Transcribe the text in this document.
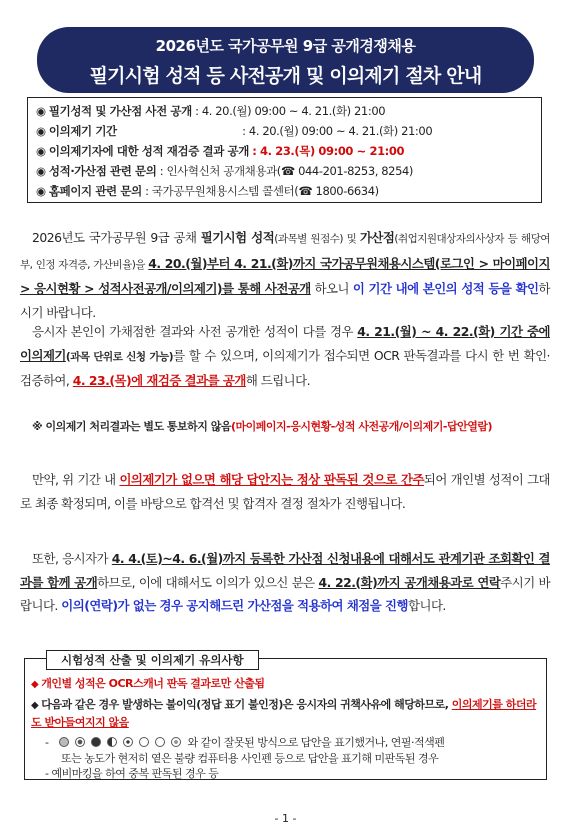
2026년도 국가공무원 9급 공개경쟁채용
필기시험 성적 등 사전공개 및 이의제기 절차 안내
◉ 필기성적 및 가산점 사전 공개 : 4. 20.(월) 09:00 ~ 4. 21.(화) 21:00
◉ 이의제기 기간	: 4. 20.(월) 09:00 ~ 4. 21.(화) 21:00
◉ 이의제기자에 대한 성적 재검증 결과 공개 : 4. 23.(목) 09:00 ~ 21:00
◉ 성적·가산점 관련 문의 : 인사혁신처 공개채용과(☎ 044-201-8253, 8254)
◉ 홈페이지 관련 문의 : 국가공무원채용시스템 콜센터(☎ 1800-6634)
2026년도 국가공무원 9급 공채 필기시험 성적(과목별 원점수) 및 가산점(취업지원대상자의사상자 등 해당여부, 인정 자격증, 가산비율)을 4. 20.(월)부터 4. 21.(화)까지 국가공무원채용시스템(로그인 > 마이페이지 > 응시현황 > 성적사전공개/이의제기)를 통해 사전공개 하오니 이 기간 내에 본인의 성적 등을 확인하시기 바랍니다.
응시자 본인이 가채점한 결과와 사전 공개한 성적이 다를 경우 4. 21.(월) ~ 4. 22.(화) 기간 중에 이의제기(과목 단위로 신청 가능)를 할 수 있으며, 이의제기가 접수되면 OCR 판독결과를 다시 한 번 확인·검증하여, 4. 23.(목)에 재검증 결과를 공개해 드립니다.
※ 이의제기 처리결과는 별도 통보하지 않음(마이페이지-응시현황-성적 사전공개/이의제기-답안열람)
만약, 위 기간 내 이의제기가 없으면 해당 답안지는 정상 판독된 것으로 간주되어 개인별 성적이 그대로 최종 확정되며, 이를 바탕으로 합격선 및 합격자 결정 절차가 진행됩니다.
또한, 응시자가 4. 4.(토)~4. 6.(월)까지 등록한 가산점 신청내용에 대해서도 관계기관 조회확인 결과를 함께 공개하므로, 이에 대해서도 이의가 있으신 분은 4. 22.(화)까지 공개채용과로 연락주시기 바랍니다. 이의(연락)가 없는 경우 공지해드린 가산점을 적용하여 채점을 진행합니다.
◆ 개인별 성적은 OCR스캐너 판독 결과로만 산출됨
◆ 다음과 같은 경우 발생하는 불이익(정답 표기 불인정)은 응시자의 귀책사유에 해당하므로, 이의제기를 하더라도 받아들여지지 않음
-	와 같이 잘못된 방식으로 답안을 표기했거나, 연필·적색펜
또는 농도가 현저히 옅은 불량 컴퓨터용 사인펜 등으로 답안을 표기해 미판독된 경우
- 예비마킹을 하여 중복 판독된 경우 등
시험성적 산출 및 이의제기 유의사항
- 1 -
